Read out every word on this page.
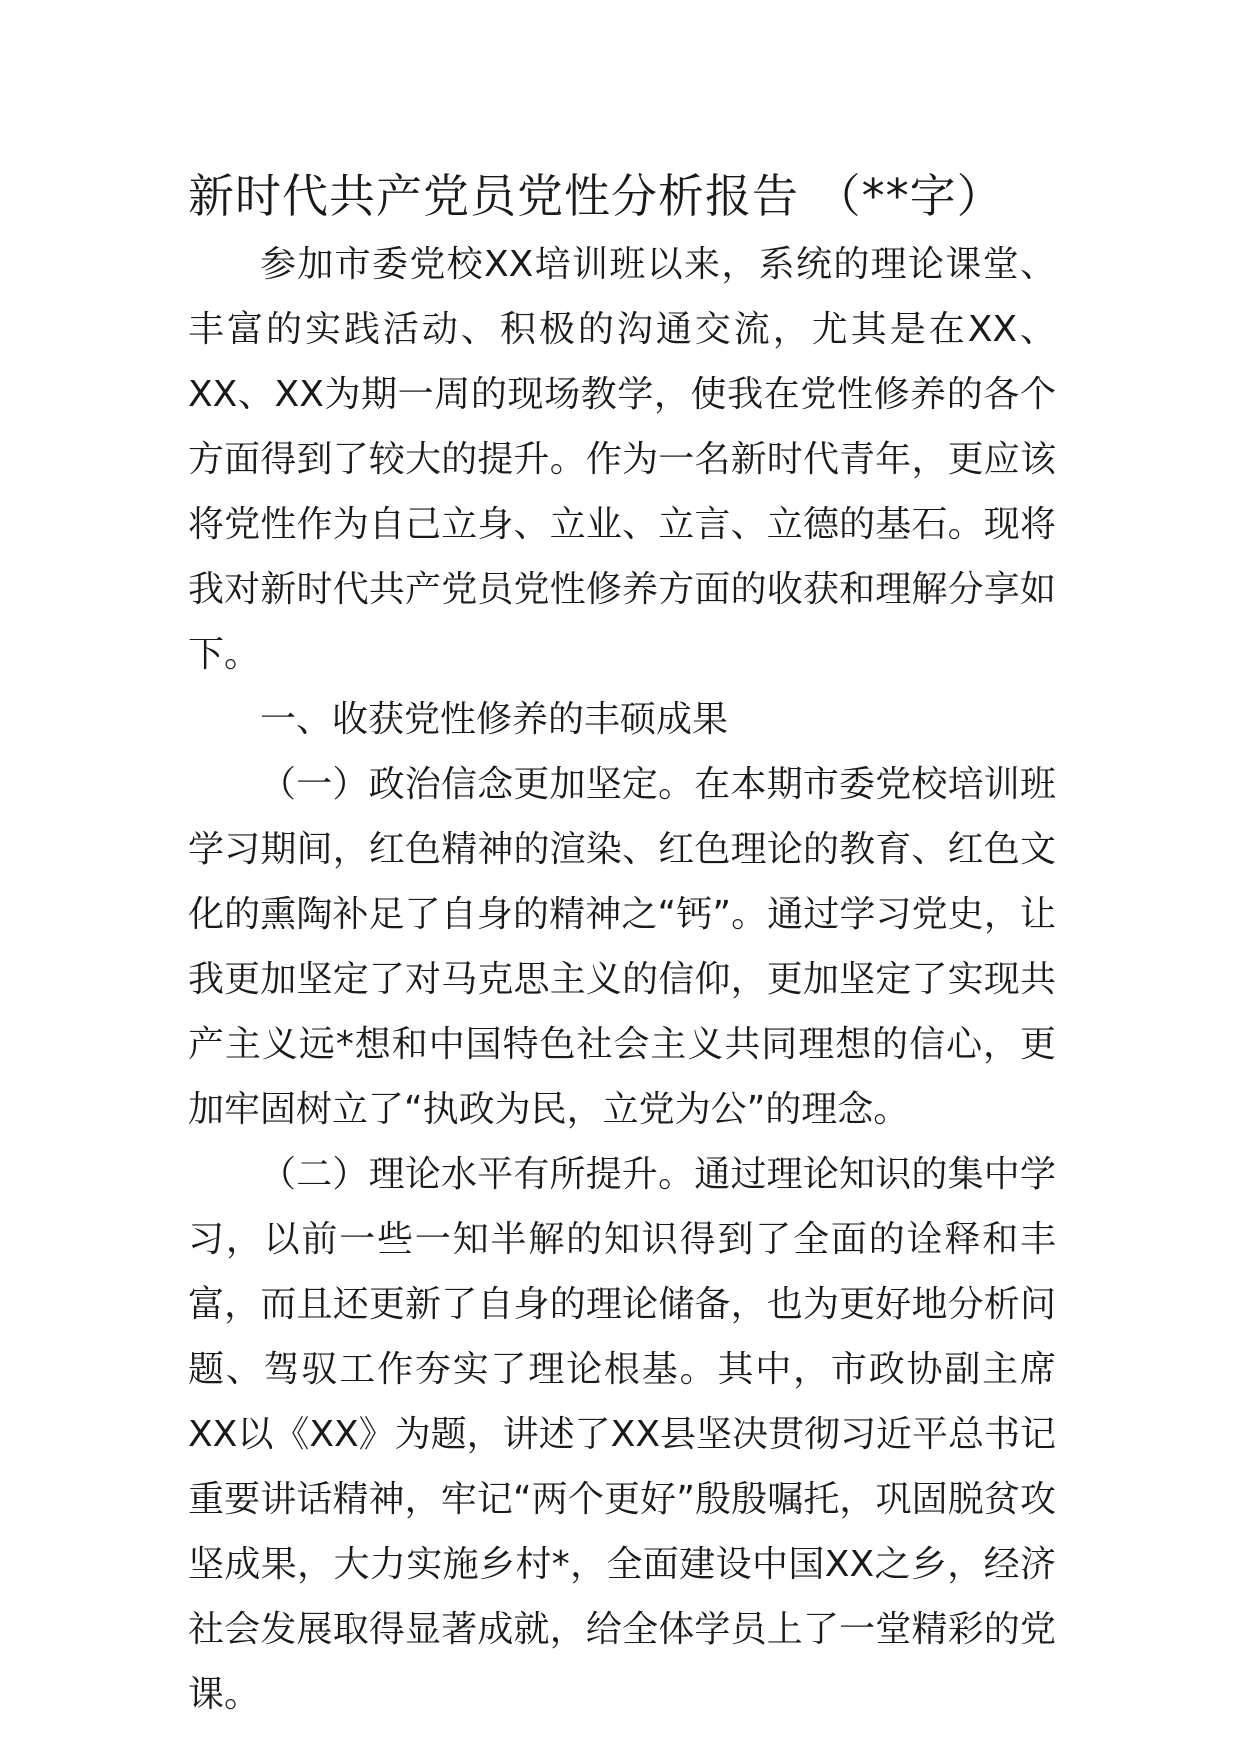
新时代共产党员党性分析报告 （**字）

参加市委党校XX培训班以来，系统的理论课堂、丰富的实践活动、积极的沟通交流，尤其是在XX、XX、XX为期一周的现场教学，使我在党性修养的各个方面得到了较大的提升。作为一名新时代青年，更应该将党性作为自己立身、立业、立言、立德的基石。现将我对新时代共产党员党性修养方面的收获和理解分享如下。

一、收获党性修养的丰硕成果

（一）政治信念更加坚定。在本期市委党校培训班学习期间，红色精神的渲染、红色理论的教育、红色文化的熏陶补足了自身的精神之“钙”。通过学习党史，让我更加坚定了对马克思主义的信仰，更加坚定了实现共产主义远*想和中国特色社会主义共同理想的信心，更加牢固树立了“执政为民，立党为公”的理念。

（二）理论水平有所提升。通过理论知识的集中学习，以前一些一知半解的知识得到了全面的诠释和丰富，而且还更新了自身的理论储备，也为更好地分析问题、驾驭工作夯实了理论根基。其中，市政协副主席XX以《XX》为题，讲述了XX县坚决贯彻习近平总书记重要讲话精神，牢记“两个更好”殷殷嘱托，巩固脱贫攻坚成果，大力实施乡村*，全面建设中国XX之乡，经济社会发展取得显著成就，给全体学员上了一堂精彩的党课。
